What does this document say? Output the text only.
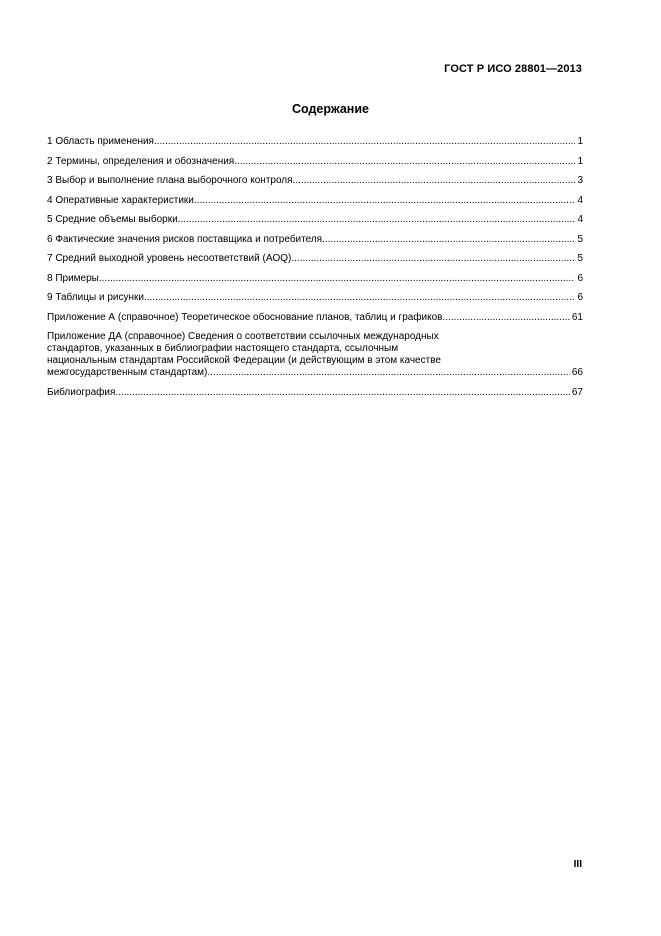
ГОСТ Р ИСО 28801—2013
Содержание
1 Область применения .....	1
2 Термины, определения и обозначения .....	1
3 Выбор и выполнение плана выборочного контроля .....	3
4 Оперативные характеристики .....	4
5 Средние объемы выборки .....	4
6 Фактические значения рисков поставщика и потребителя .....	5
7 Средний выходной уровень несоответствий (AOQ) .....	5
8 Примеры .....	6
9 Таблицы и рисунки .....	6
Приложение А (справочное) Теоретическое обоснование планов, таблиц и графиков .....	61
Приложение ДА (справочное) Сведения о соответствии ссылочных международных
стандартов, указанных в библиографии настоящего стандарта, ссылочным
национальным стандартам Российской Федерации (и действующим в этом качестве
межгосударственным стандартам) .....	66
Библиография .....	67
III
